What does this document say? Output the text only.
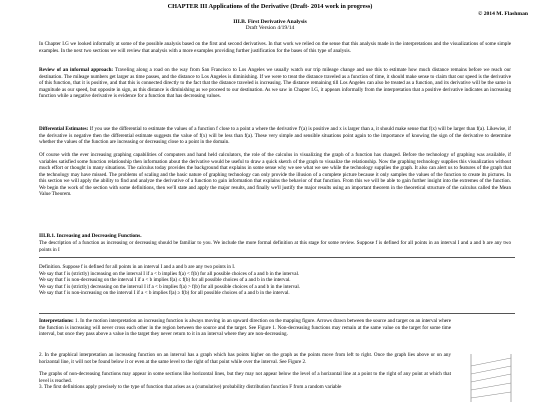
CHAPTER III Applications of the Derivative (Draft- 2014 work in progress)
© 2014 M. Flashman
III.B. First Derivative Analysis
Draft Version 4/19/14

In Chapter I.G we looked informally at some of the possible analysis based on the first and second derivatives. In that work we relied on the sense that this analysis made in the interpretations and the visualizations of some simple examples. In the next two sections we will review that analysis with a more examples providing further justification for the bases of this type of analysis.

Review of an informal approach: Traveling along a road on the way from San Francisco to Los Angeles we usually watch our trip mileage change and use this to estimate how much distance remains before we reach our destination. The mileage numbers get larger as time passes, and the distance to Los Angeles is diminishing. If we were to treat the distance traveled as a function of time, it should make sense to claim that our speed is the derivative of this function, that it is positive, and that this is connected directly to the fact that the distance traveled is increasing. The distance remaining till Los Angeles can also be treated as a function, and its derivative will be the same in magnitude as our speed, but opposite in sign, as this distance is diminishing as we proceed to our destination. As we saw in Chapter I.G, it appears informally from the interpretation that a positive derivative indicates an increasing function while a negative derivative is evidence for a function that has decreasing values.

Differential Estimates: If you use the differential to estimate the values of a function f close to a point a where the derivative f′(a) is positive and x is larger than a, it should make sense that f(x) will be larger than f(a). Likewise, if the derivative is negative then the differential estimate suggests the value of f(x) will be less than f(a). These very simple and sensible situations point again to the importance of knowing the sign of the derivative to determine whether the values of the function are increasing or decreasing close to a point in the domain.

Of course with the ever increasing graphing capabilities of computers and hand held calculators, the role of the calculus in visualizing the graph of a function has changed. Before the technology of graphing was available, if variables satisfied some function relationship then information about the derivative would be useful to draw a quick sketch of the graph to visualize the relationship. Now the graphing technology supplies this visualization without much effort or thought in many situations. The calculus today provides the background that explains in some sense why we see what we see while the technology supplies the graph. It also can alert us to features of the graph that the technology may have missed. The problems of scaling and the basic nature of graphing technology can only provide the illusion of a complete picture because it only samples the values of the function to create its pictures. In this section we will apply the ability to find and analyze the derivative of a function to gain information that explains the behavior of that function. From this we will be able to gain further insight into the extremes of the function. We begin the work of the section with some definitions, then we'll state and apply the major results, and finally we'll justify the major results using an important theorem in the theoretical structure of the calculus called the Mean Value Theorem.

III.B.1. Increasing and Decreasing Functions.

The description of a function as increasing or decreasing should be familiar to you. We include the more formal definition at this stage for some review. Suppose f is defined for all points in an interval I and a and b are any two points in I

Definition. Suppose f is defined for all points in an interval I and a and b are any two points in I.
We say that f is (strictly) increasing on the interval I if a < b implies f(a) < f(b) for all possible choices of a and b in the interval.
We say that f is non-decreasing on the interval I if a < b implies f(a) ≤ f(b) for all possible choices of a and b in the interval.
We say that f is (strictly) decreasing on the interval I if a < b implies f(a) > f(b) for all possible choices of a and b in the interval.
We say that f is non-increasing on the interval I if a < b implies f(a) ≥ f(b) for all possible choices of a and b in the interval.

Interpretations: 1. In the motion interpretation an increasing function is always moving in an upward direction on the mapping figure. Arrows drawn between the source and target on an interval where the function is increasing will never cross each other in the region between the source and the target. See Figure 1. Non-decreasing functions may remain at the same value on the target for some time interval, but once they pass above a value in the target they never return to it in an interval where they are non-decreasing.

2. In the graphical interpretation an increasing function on an interval has a graph which has points higher on the graph as the points move from left to right. Once the graph lies above or on any horizontal line, it will not be found below it or even at the same level to the right of that point while over the interval. See Figure 2.

The graphs of non-decreasing functions may appear in some sections like horizontal lines, but they may not appear below the level of a horizontal line at a point to the right of any point at which that level is reached.

3. The first definitions apply precisely to the type of function that arises as a (cumulative) probability distribution function F from a random variable
